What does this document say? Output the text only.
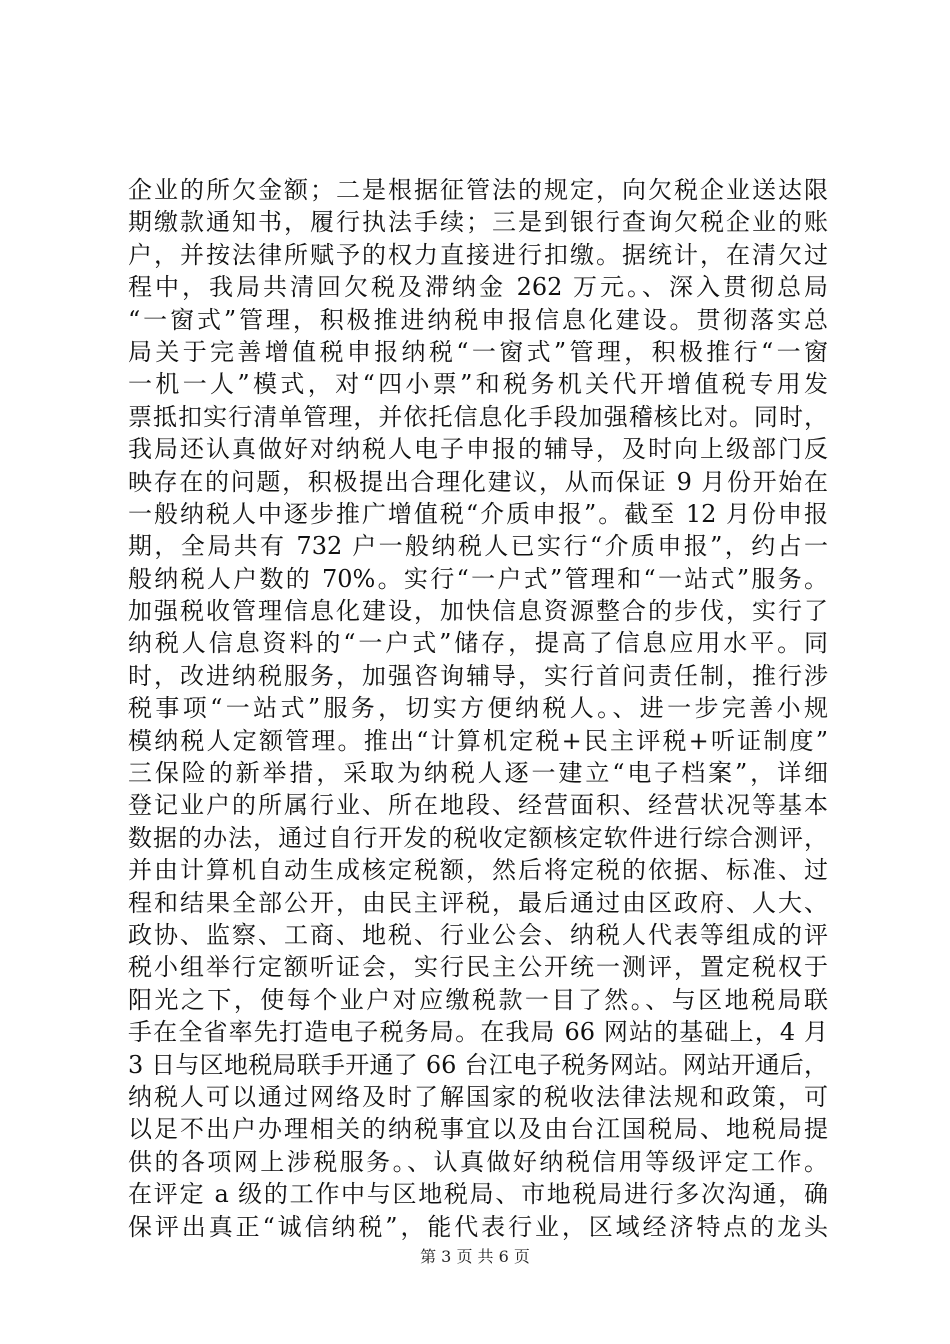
企业的所欠金额；二是根据征管法的规定，向欠税企业送达限
期缴款通知书，履行执法手续；三是到银行查询欠税企业的账
户，并按法律所赋予的权力直接进行扣缴。据统计，在清欠过
程中，我局共清回欠税及滞纳金 262 万元。、深入贯彻总局
“一窗式”管理，积极推进纳税申报信息化建设。贯彻落实总
局关于完善增值税申报纳税“一窗式”管理，积极推行“一窗
一机一人”模式，对“四小票”和税务机关代开增值税专用发
票抵扣实行清单管理，并依托信息化手段加强稽核比对。同时，
我局还认真做好对纳税人电子申报的辅导，及时向上级部门反
映存在的问题，积极提出合理化建议，从而保证 9 月份开始在
一般纳税人中逐步推广增值税“介质申报”。截至 12 月份申报
期，全局共有 732 户一般纳税人已实行“介质申报”，约占一
般纳税人户数的 70%。实行“一户式”管理和“一站式”服务。
加强税收管理信息化建设，加快信息资源整合的步伐，实行了
纳税人信息资料的“一户式”储存，提高了信息应用水平。同
时，改进纳税服务，加强咨询辅导，实行首问责任制，推行涉
税事项“一站式”服务，切实方便纳税人。、进一步完善小规
模纳税人定额管理。推出“计算机定税+民主评税+听证制度”
三保险的新举措，采取为纳税人逐一建立“电子档案”，详细
登记业户的所属行业、所在地段、经营面积、经营状况等基本
数据的办法，通过自行开发的税收定额核定软件进行综合测评，
并由计算机自动生成核定税额，然后将定税的依据、标准、过
程和结果全部公开，由民主评税，最后通过由区政府、人大、
政协、监察、工商、地税、行业公会、纳税人代表等组成的评
税小组举行定额听证会，实行民主公开统一测评，置定税权于
阳光之下，使每个业户对应缴税款一目了然。、与区地税局联
手在全省率先打造电子税务局。在我局 66 网站的基础上，4 月
3 日与区地税局联手开通了 66 台江电子税务网站。网站开通后，
纳税人可以通过网络及时了解国家的税收法律法规和政策，可
以足不出户办理相关的纳税事宜以及由台江国税局、地税局提
供的各项网上涉税服务。、认真做好纳税信用等级评定工作。
在评定 a 级的工作中与区地税局、市地税局进行多次沟通，确
保评出真正“诚信纳税”，能代表行业，区域经济特点的龙头
第 3 页 共 6 页
